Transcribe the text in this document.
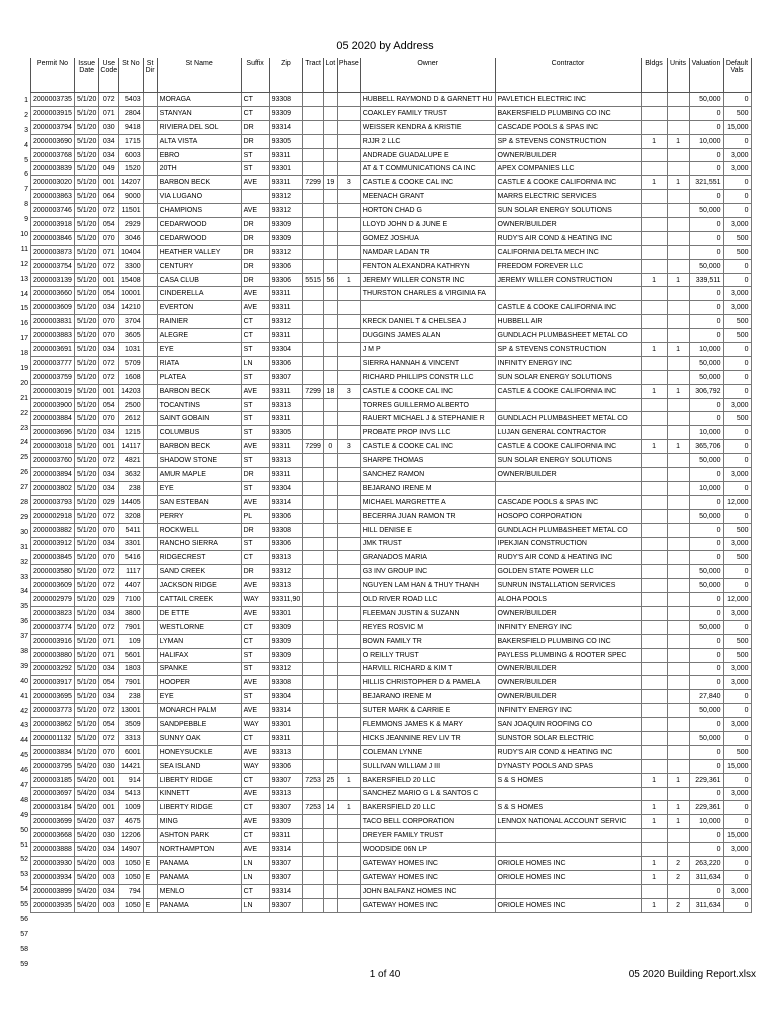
05 2020 by Address
Permit No	Issue Date	Use Code	St No	St Dir	St Name	Suffix	Zip	Tract	Lot	Phase	Owner	Contractor	Bldgs	Units	Valuation	Default Vals
2000003735	5/1/20	072	5403		MORAGA	CT	93308				HUBBELL RAYMOND D & GARNETT HU	PAVLETICH ELECTRIC INC			50,000	0
2000003915	5/1/20	071	2804		STANYAN	CT	93309				COAKLEY FAMILY TRUST	BAKERSFIELD PLUMBING CO INC			0	500
2000003794	5/1/20	030	9418		RIVIERA DEL SOL	DR	93314				WEISSER KENDRA & KRISTIE	CASCADE POOLS & SPAS INC			0	15,000
2000003690	5/1/20	034	1715		ALTA VISTA	DR	93305				RJJR 2 LLC	SP & STEVENS CONSTRUCTION	1	1	10,000	0
2000003768	5/1/20	034	6003		EBRO	ST	93311				ANDRADE GUADALUPE E	OWNER/BUILDER			0	3,000
2000003839	5/1/20	049	1520		20TH	ST	93301				AT & T COMMUNICATIONS CA INC	APEX COMPANIES LLC			0	3,000
2000003020	5/1/20	001	14207		BARBON BECK	AVE	93311	7299	19	3	CASTLE & COOKE CAL INC	CASTLE & COOKE CALIFORNIA INC	1	1	321,551	0
2000003863	5/1/20	064	9000		VIA LUGANO		93312				MEENACH GRANT	MARRS ELECTRIC SERVICES			0	0
2000003746	5/1/20	072	11501		CHAMPIONS	AVE	93312				HORTON CHAD G	SUN SOLAR ENERGY SOLUTIONS			50,000	0
2000003918	5/1/20	054	2929		CEDARWOOD	DR	93309				LLOYD JOHN D & JUNE E	OWNER/BUILDER			0	3,000
2000003846	5/1/20	070	3046		CEDARWOOD	DR	93309				GOMEZ JOSHUA	RUDY'S AIR COND & HEATING INC			0	500
2000003873	5/1/20	071	10404		HEATHER VALLEY	DR	93312				NAMDAR LADAN TR	CALIFORNIA DELTA MECH INC			0	500
2000003754	5/1/20	072	3300		CENTURY	DR	93306				FENTON ALEXANDRA KATHRYN	FREEDOM FOREVER LLC			50,000	0
2000003139	5/1/20	001	15408		CASA CLUB	DR	93306	5515	56	1	JEREMY WILLER CONSTR INC	JEREMY WILLER CONSTRUCTION	1	1	339,511	0
2000003660	5/1/20	054	10001		CINDERELLA	AVE	93311				THURSTON CHARLES & VIRGINIA FA				0	3,000
2000003609	5/1/20	034	14210		EVERTON	AVE	93311					CASTLE & COOKE CALIFORNIA INC			0	3,000
2000003831	5/1/20	070	3704		RAINIER	CT	93312				KRECK DANIEL T & CHELSEA J	HUBBELL AIR			0	500
2000003883	5/1/20	070	3605		ALEGRE	CT	93311				DUGGINS JAMES ALAN	GUNDLACH PLUMB&SHEET METAL CO			0	500
2000003691	5/1/20	034	1031		EYE	ST	93304				J M P	SP & STEVENS CONSTRUCTION	1	1	10,000	0
2000003777	5/1/20	072	5709		RIATA	LN	93306				SIERRA HANNAH & VINCENT	INFINITY ENERGY INC			50,000	0
2000003759	5/1/20	072	1608		PLATEA	ST	93307				RICHARD PHILLIPS CONSTR LLC	SUN SOLAR ENERGY SOLUTIONS			50,000	0
2000003019	5/1/20	001	14203		BARBON BECK	AVE	93311	7299	18	3	CASTLE & COOKE CAL INC	CASTLE & COOKE CALIFORNIA INC	1	1	306,792	0
2000003900	5/1/20	054	2500		TOCANTINS	ST	93313				TORRES GUILLERMO ALBERTO				0	3,000
2000003884	5/1/20	070	2612		SAINT GOBAIN	ST	93311				RAUERT MICHAEL J & STEPHANIE R	GUNDLACH PLUMB&SHEET METAL CO			0	500
2000003696	5/1/20	034	1215		COLUMBUS	ST	93305				PROBATE PROP INVS LLC	LUJAN GENERAL CONTRACTOR			10,000	0
2000003018	5/1/20	001	14117		BARBON BECK	AVE	93311	7299	0	3	CASTLE & COOKE CAL INC	CASTLE & COOKE CALIFORNIA INC	1	1	365,706	0
2000003760	5/1/20	072	4821		SHADOW STONE	ST	93313				SHARPE THOMAS	SUN SOLAR ENERGY SOLUTIONS			50,000	0
2000003894	5/1/20	034	3632		AMUR MAPLE	DR	93311				SANCHEZ RAMON	OWNER/BUILDER			0	3,000
2000003802	5/1/20	034	238		EYE	ST	93304				BEJARANO IRENE M				10,000	0
2000003793	5/1/20	029	14405		SAN ESTEBAN	AVE	93314				MICHAEL MARGRETTE A	CASCADE POOLS & SPAS INC			0	12,000
2000002918	5/1/20	072	3208		PERRY	PL	93306				BECERRA JUAN RAMON TR	HOSOPO CORPORATION			50,000	0
2000003882	5/1/20	070	5411		ROCKWELL	DR	93308				HILL DENISE E	GUNDLACH PLUMB&SHEET METAL CO			0	500
2000003912	5/1/20	034	3301		RANCHO SIERRA	ST	93306				JMK TRUST	IPEKJIAN CONSTRUCTION			0	3,000
2000003845	5/1/20	070	5416		RIDGECREST	CT	93313				GRANADOS MARIA	RUDY'S AIR COND & HEATING INC			0	500
2000003580	5/1/20	072	1117		SAND CREEK	DR	93312				G3 INV GROUP INC	GOLDEN STATE POWER LLC			50,000	0
2000003609	5/1/20	072	4407		JACKSON RIDGE	AVE	93313				NGUYEN LAM HAN & THUY THANH	SUNRUN INSTALLATION SERVICES			50,000	0
2000002979	5/1/20	029	7100		CATTAIL CREEK	WAY	93311,90				OLD RIVER ROAD LLC	ALOHA POOLS			0	12,000
2000003823	5/1/20	034	3800		DE ETTE	AVE	93301				FLEEMAN JUSTIN & SUZANN	OWNER/BUILDER			0	3,000
2000003774	5/1/20	072	7901		WESTLORNE	CT	93309				REYES ROSVIC M	INFINITY ENERGY INC			50,000	0
2000003916	5/1/20	071	109		LYMAN	CT	93309				BOWN FAMILY TR	BAKERSFIELD PLUMBING CO INC			0	500
2000003880	5/1/20	071	5601		HALIFAX	ST	93309				O REILLY TRUST	PAYLESS PLUMBING & ROOTER SPEC			0	500
2000003292	5/1/20	034	1803		SPANKE	ST	93312				HARVILL RICHARD & KIM T	OWNER/BUILDER			0	3,000
2000003917	5/1/20	054	7901		HOOPER	AVE	93308				HILLIS CHRISTOPHER D & PAMELA	OWNER/BUILDER			0	3,000
2000003695	5/1/20	034	238		EYE	ST	93304				BEJARANO IRENE M	OWNER/BUILDER			27,840	0
2000003773	5/1/20	072	13001		MONARCH PALM	AVE	93314				SUTER MARK & CARRIE E	INFINITY ENERGY INC			50,000	0
2000003862	5/1/20	054	3509		SANDPEBBLE	WAY	93301				FLEMMONS JAMES K & MARY	SAN JOAQUIN ROOFING CO			0	3,000
2000001132	5/1/20	072	3313		SUNNY OAK	CT	93311				HICKS JEANNINE REV LIV TR	SUNSTOR SOLAR ELECTRIC			50,000	0
2000003834	5/1/20	070	6001		HONEYSUCKLE	AVE	93313				COLEMAN LYNNE	RUDY'S AIR COND & HEATING INC			0	500
2000003795	5/4/20	030	14421		SEA ISLAND	WAY	93306				SULLIVAN WILLIAM J III	DYNASTY POOLS AND SPAS			0	15,000
2000003185	5/4/20	001	914		LIBERTY RIDGE	CT	93307	7253	25	1	BAKERSFIELD 20 LLC	S & S HOMES	1	1	229,361	0
2000003697	5/4/20	034	5413		KINNETT	AVE	93313				SANCHEZ MARIO G L & SANTOS C				0	3,000
2000003184	5/4/20	001	1009		LIBERTY RIDGE	CT	93307	7253	14	1	BAKERSFIELD 20 LLC	S & S HOMES	1	1	229,361	0
2000003699	5/4/20	037	4675		MING	AVE	93309				TACO BELL CORPORATION	LENNOX NATIONAL ACCOUNT SERVIC	1	1	10,000	0
2000003668	5/4/20	030	12206		ASHTON PARK	CT	93311				DREYER FAMILY TRUST				0	15,000
2000003888	5/4/20	034	14907		NORTHAMPTON	AVE	93314				WOODSIDE 06N LP				0	3,000
2000003930	5/4/20	003	1050	E	PANAMA	LN	93307				GATEWAY HOMES INC	ORIOLE HOMES INC	1	2	263,220	0
2000003934	5/4/20	003	1050	E	PANAMA	LN	93307				GATEWAY HOMES INC	ORIOLE HOMES INC	1	2	311,634	0
2000003899	5/4/20	034	794		MENLO	CT	93314				JOHN BALFANZ HOMES INC				0	3,000
2000003935	5/4/20	003	1050	E	PANAMA	LN	93307				GATEWAY HOMES INC	ORIOLE HOMES INC	1	2	311,634	0
1
2
3
4
5
6
7
8
9
10
11
12
13
14
15
16
17
18
19
20
21
22
23
24
25
26
27
28
29
30
31
32
33
34
35
36
37
38
39
40
41
42
43
44
45
46
47
48
49
50
51
52
53
54
55
56
57
58
59
1 of 40	05 2020 Building Report.xlsx
